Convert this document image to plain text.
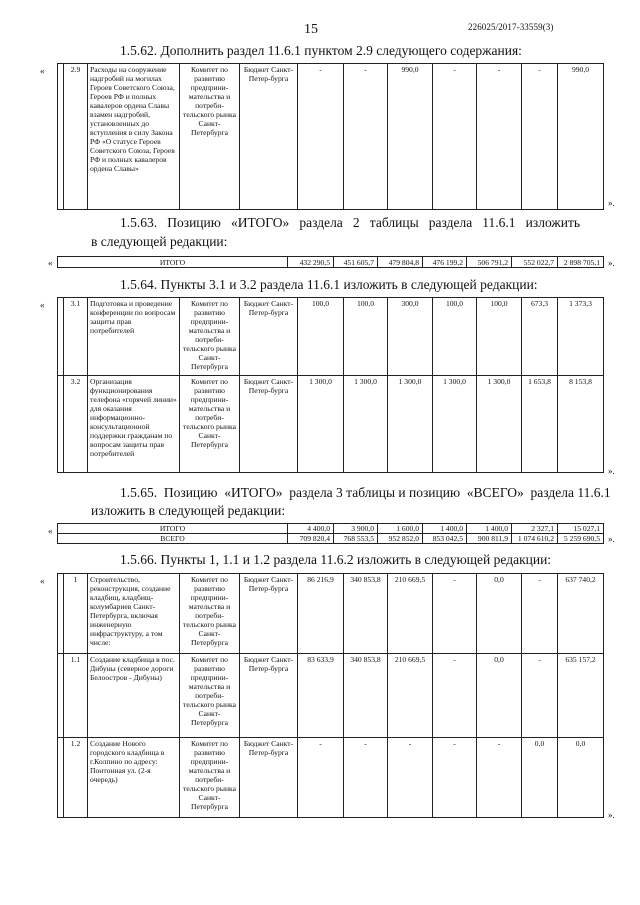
15	226025/2017-33559(3)
1.5.62. Дополнить раздел 11.6.1 пунктом 2.9 следующего содержания:
«
».
	2.9	Расходы на сооружение надгробий на могилах Героев Советского Союза, Героев РФ и полных кавалеров ордена Славы взамен надгробий, установленных до вступления в силу Закона РФ «О статусе Героев Советского Союза, Героев РФ и полных кавалеров ордена Славы»	Комитет по развитию предприни-мательства и потреби-тельского рынка Санкт-Петербурга	Бюджет Санкт-Петер-бурга	-	-	990,0	-	-	-	990,0
1.5.63.   Позицию   «ИТОГО»   раздела   2   таблицы   раздела   11.6.1   изложить
в следующей редакции:
«	».
ИТОГО	432 290,5	451 605,7	479 804,8	476 199,2	506 791,2	552 022,7	2 898 705,1
1.5.64. Пункты 3.1 и 3.2 раздела 11.6.1 изложить в следующей редакции:
«
».
	3.1	Подготовка и проведение конференции по вопросам защиты прав потребителей	Комитет по развитию предприни-мательства и потреби-тельского рынка Санкт-Петербурга	Бюджет Санкт-Петер-бурга	100,0	100,0	300,0	100,0	100,0	673,3	1 373,3
	3.2	Организация функционирования телефона «горячей линии» для оказания информационно-консультационной поддержки гражданам по вопросам защиты прав потребителей	Комитет по развитию предприни-мательства и потреби-тельского рынка Санкт-Петербурга	Бюджет Санкт-Петер-бурга	1 300,0	1 300,0	1 300,0	1 300,0	1 300,0	1 653,8	8 153,8
1.5.65.  Позицию  «ИТОГО»  раздела 3 таблицы и позицию  «ВСЕГО»  раздела 11.6.1
изложить в следующей редакции:
«
».
ИТОГО	4 400,0	3 900,0	1 600,0	1 400,0	1 400,0	2 327,1	15 027,1
ВСЕГО	709 820,4	768 553,5	952 852,0	853 042,5	900 811,9	1 074 610,2	5 259 690,5
1.5.66. Пункты 1, 1.1 и 1.2 раздела 11.6.2 изложить в следующей редакции:
«
».
	1	Строительство, реконструкция, создание кладбищ, кладбищ-колумбариев Санкт-Петербурга, включая инженерную инфраструктуру, а том числе:	Комитет по развитию предприни-мательства и потреби-тельского рынка Санкт-Петербурга	Бюджет Санкт-Петер-бурга	86 216,9	340 853,8	210 669,5	-	0,0	-	637 740,2
	1.1	Создание кладбища в пос. Дибуны (северное дороги Белоостров - Дибуны)	Комитет по развитию предприни-мательства и потреби-тельского рынка Санкт-Петербурга	Бюджет Санкт-Петер-бурга	83 633,9	340 853,8	210 669,5	-	0,0	-	635 157,2
	1.2	Создание Нового городского кладбища в г.Колпино по адресу: Понтонная ул. (2-я очередь)	Комитет по развитию предприни-мательства и потреби-тельского рынка Санкт-Петербурга	Бюджет Санкт-Петер-бурга	-	-	-	-	-	0,0	0,0
